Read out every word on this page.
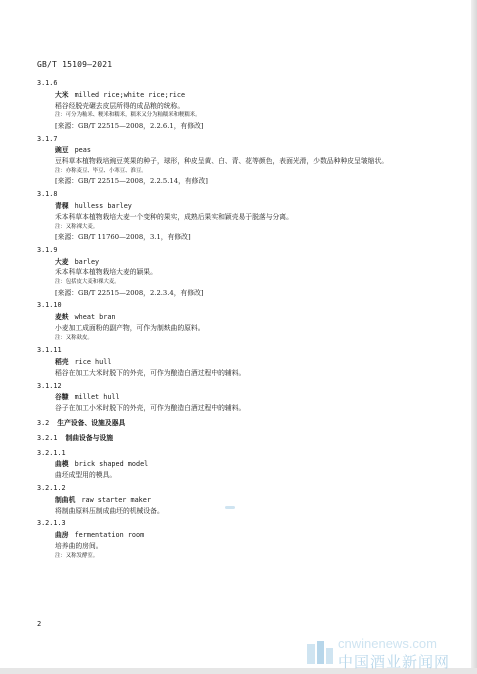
GB/T 15109—2021
3.1.6
大米 milled rice;white rice;rice
稻谷经脱壳碾去皮层所得的成品粮的统称。
注：可分为籼米、粳米和糯米，糯米又分为籼糯米和粳糯米。
[来源：GB/T 22515—2008，2.2.6.1，有修改]
3.1.7
豌豆 peas
豆科草本植物栽培豌豆荚果的种子，球形，种皮呈黄、白、青、花等颜色，表面光滑，少数品种种皮呈皱缩状。
注：亦称麦豆、毕豆、小寒豆、淮豆。
[来源：GB/T 22515—2008，2.2.5.14，有修改]
3.1.8
青稞 hulless barley
禾本科草本植物栽培大麦一个变种的果实，成熟后果实和颖壳易于脱落与分离。
注：又称裸大麦。
[来源：GB/T 11760—2008，3.1，有修改]
3.1.9
大麦 barley
禾本科草本植物栽培大麦的颖果。
注：包括皮大麦和裸大麦。
[来源：GB/T 22515—2008，2.2.3.4，有修改]
3.1.10
麦麸 wheat bran
小麦加工成面粉的副产物，可作为制麸曲的原料。
注：又称麸皮。
3.1.11
稻壳 rice hull
稻谷在加工大米时脱下的外壳，可作为酿造白酒过程中的辅料。
3.1.12
谷糠 millet hull
谷子在加工小米时脱下的外壳，可作为酿造白酒过程中的辅料。
3.2 生产设备、设施及器具
3.2.1 制曲设备与设施
3.2.1.1
曲模 brick shaped model
曲坯成型用的模具。
3.2.1.2
制曲机 raw starter maker
将制曲原料压制成曲坯的机械设备。
3.2.1.3
曲房 fermentation room
培养曲的房间。
注：又称发酵室。
2
cnwinenews.com
中国酒业新闻网
